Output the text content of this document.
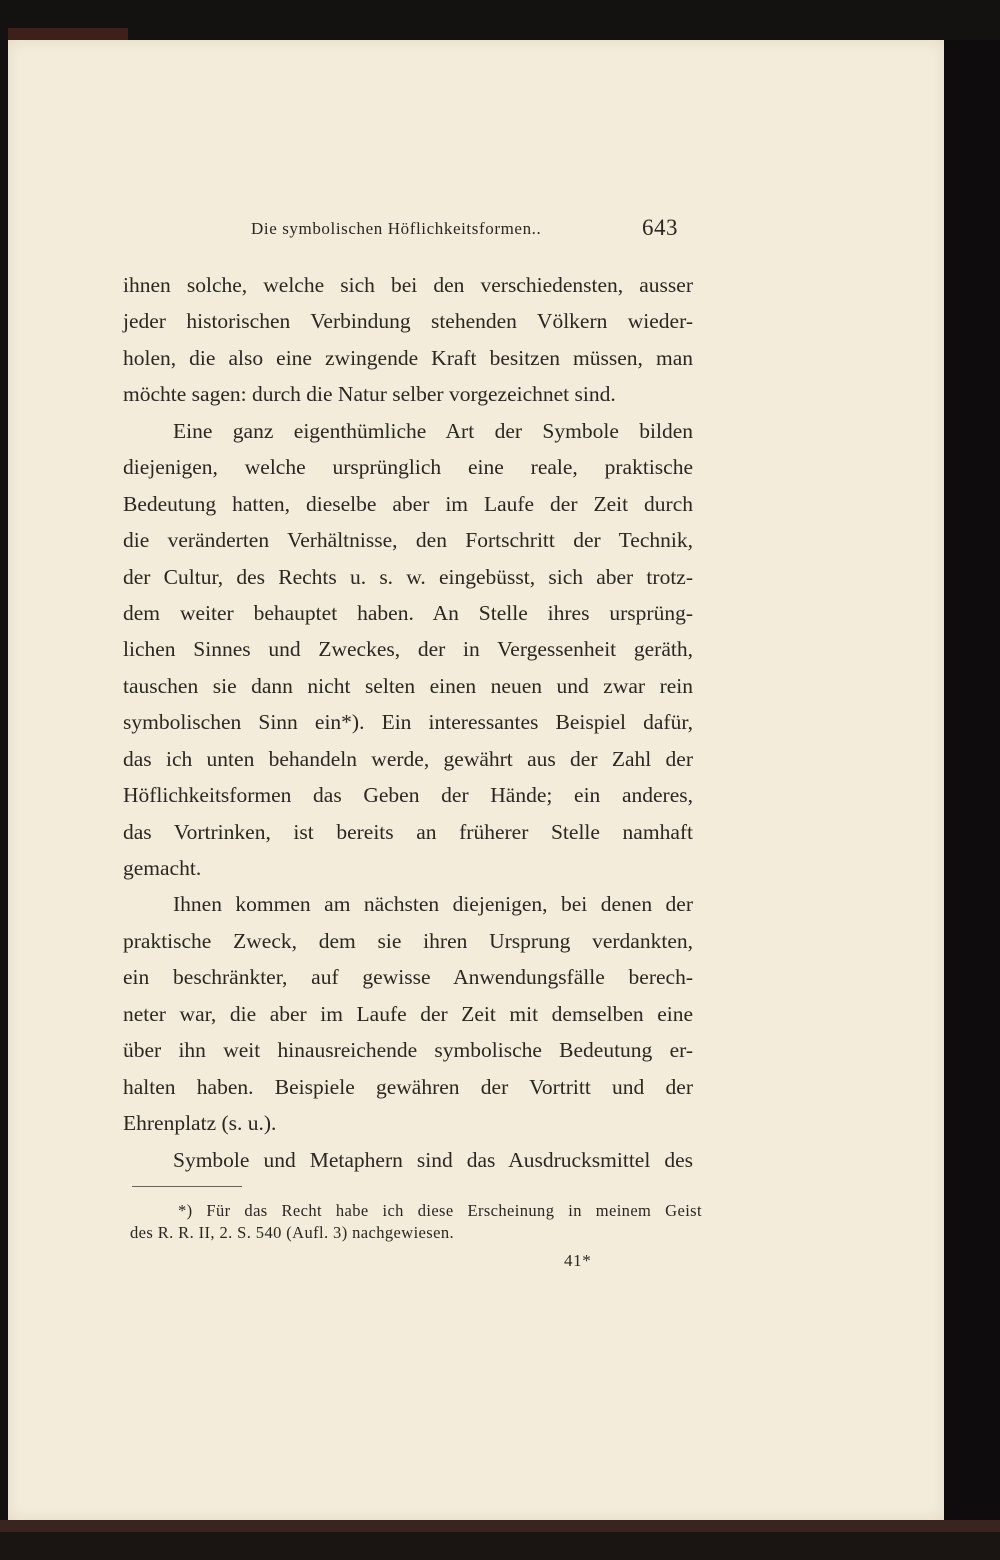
Die symbolischen Höflichkeitsformen..	643
ihnen solche, welche sich bei den verschiedensten, ausser
jeder historischen Verbindung stehenden Völkern wieder-
holen, die also eine zwingende Kraft besitzen müssen, man
möchte sagen: durch die Natur selber vorgezeichnet sind.
Eine ganz eigenthümliche Art der Symbole bilden
diejenigen, welche ursprünglich eine reale, praktische
Bedeutung hatten, dieselbe aber im Laufe der Zeit durch
die veränderten Verhältnisse, den Fortschritt der Technik,
der Cultur, des Rechts u. s. w. eingebüsst, sich aber trotz-
dem weiter behauptet haben. An Stelle ihres ursprüng-
lichen Sinnes und Zweckes, der in Vergessenheit geräth,
tauschen sie dann nicht selten einen neuen und zwar rein
symbolischen Sinn ein*). Ein interessantes Beispiel dafür,
das ich unten behandeln werde, gewährt aus der Zahl der
Höflichkeitsformen das Geben der Hände; ein anderes,
das Vortrinken, ist bereits an früherer Stelle namhaft
gemacht.
Ihnen kommen am nächsten diejenigen, bei denen der
praktische Zweck, dem sie ihren Ursprung verdankten,
ein beschränkter, auf gewisse Anwendungsfälle berech-
neter war, die aber im Laufe der Zeit mit demselben eine
über ihn weit hinausreichende symbolische Bedeutung er-
halten haben. Beispiele gewähren der Vortritt und der
Ehrenplatz (s. u.).
Symbole und Metaphern sind das Ausdrucksmittel des
*) Für das Recht habe ich diese Erscheinung in meinem Geist
des R. R. II, 2. S. 540 (Aufl. 3) nachgewiesen.
41*
